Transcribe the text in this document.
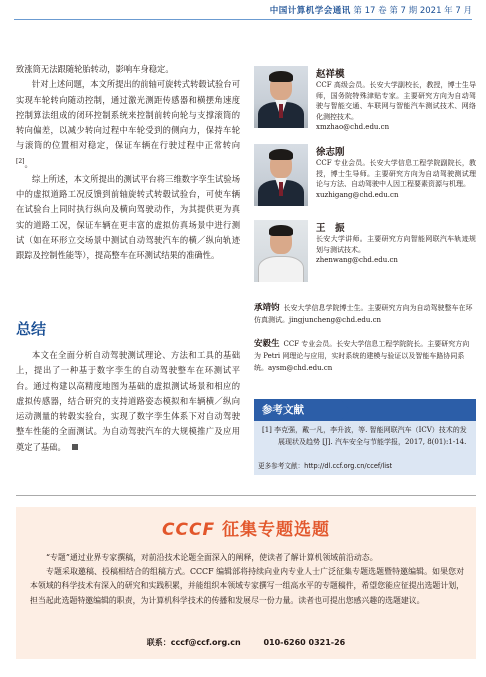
中国计算机学会通讯 第 17 卷 第 7 期 2021 年 7 月

致涨筒无法跟随轮胎转动，影响车身稳定。

针对上述问题，本文所提出的前轴可旋转式转毂试验台可实现车轮转向随动控制，通过激光测距传感器和横摆角速度控制算法组成的闭环控制系统来控制前转向轮与支撑滚筒的转向偏差，以减少转向过程中车轮受到的侧向力，保持车轮与滚筒的位置相对稳定，保证车辆在行驶过程中正常转向[2]。

综上所述，本文所提出的测试平台将三维数字孪生试验场中的虚拟道路工况反馈到前轴旋转式转毂试验台，可使车辆在试验台上同时执行纵向及横向驾驶动作，为其提供更为真实的道路工况，保证车辆在更丰富的虚拟仿真场景中进行测试（如在环形立交场景中测试自动驾驶汽车的横／纵向轨迹跟踪及控制性能等），提高整车在环测试结果的准确性。

总结

本文在全面分析自动驾驶测试理论、方法和工具的基础上，提出了一种基于数字孪生的自动驾驶整车在环测试平台。通过构建以高精度地图为基础的虚拟测试场景和相应的虚拟传感器，结合研究的支持道路姿态模拟和车辆横／纵向运动测量的转毂实验台，实现了数字孪生体系下对自动驾驶整车性能的全面测试。为自动驾驶汽车的大规模推广及应用奠定了基础。

赵祥模
CCF 高级会员。长安大学副校长，教授，博士生导师，国务院特殊津贴专家。主要研究方向为自动驾驶与智能交通、车联网与智能汽车测试技术、网络化测控技术。
xmzhao@chd.edu.cn
徐志刚
CCF 专业会员。长安大学信息工程学院副院长，教授，博士生导师。主要研究方向为自动驾驶测试理论与方法、自动驾驶中人因工程要素资源与机理。
xuzhigang@chd.edu.cn
王　振
长安大学讲师。主要研究方向智能网联汽车轨迹规划与测试技术。
zhenwang@chd.edu.cn
承靖钧 长安大学信息学院博士生。主要研究方向为自动驾驶整车在环仿真测试。jingjuncheng@chd.edu.cn
安毅生 CCF 专业会员。长安大学信息工程学院院长。主要研究方向为 Petri 网理论与应用，实时系统的建模与验证以及智能车路协同系统。aysm@chd.edu.cn
参考文献
[1] 李克强，戴一凡，李升波，等. 智能网联汽车（ICV）技术的发展现状及趋势 [J]. 汽车安全与节能学报，2017, 8(01):1-14.
更多参考文献：http://dl.ccf.org.cn/ccef/list
CCCF 征集专题选题

“专题”通过业界专家撰稿，对前沿技术论题全面深入的阐释，使读者了解计算机领域前沿动态。

专题采取邀稿、投稿相结合的组稿方式。CCCF 编辑部将持续向业内专业人士广泛征集专题选题暨特邀编辑。如果您对本领域的科学技术有深入的研究和实践积累，并能组织本领域专家撰写一组高水平的专题稿件，希望您能应征提出选题计划，担当起此选题特邀编辑的职责，为计算机科学技术的传播和发展尽一份力量。读者也可提出您感兴趣的选题建议。

联系：cccf@ccf.org.cn	010-6260 0321-26
